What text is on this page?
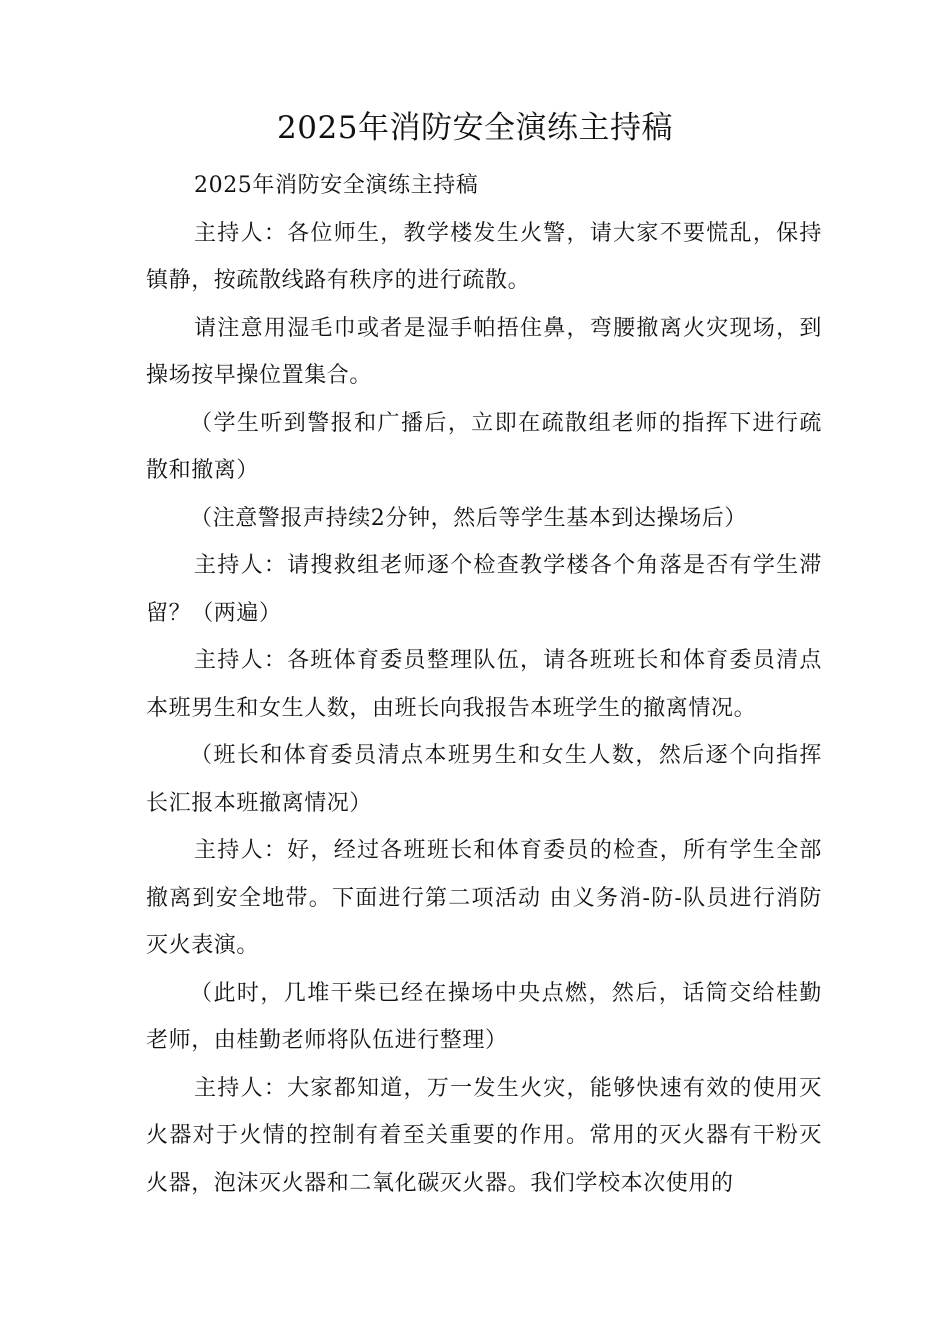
2025年消防安全演练主持稿

2025年消防安全演练主持稿

主持人：各位师生，教学楼发生火警，请大家不要慌乱，保持镇静，按疏散线路有秩序的进行疏散。

请注意用湿毛巾或者是湿手帕捂住鼻，弯腰撤离火灾现场，到操场按早操位置集合。

（学生听到警报和广播后，立即在疏散组老师的指挥下进行疏散和撤离）

（注意警报声持续2分钟，然后等学生基本到达操场后）

主持人：请搜救组老师逐个检查教学楼各个角落是否有学生滞留？（两遍）

主持人：各班体育委员整理队伍，请各班班长和体育委员清点本班男生和女生人数，由班长向我报告本班学生的撤离情况。

（班长和体育委员清点本班男生和女生人数，然后逐个向指挥长汇报本班撤离情况）

主持人：好，经过各班班长和体育委员的检查，所有学生全部撤离到安全地带。下面进行第二项活动 由义务消-防-队员进行消防灭火表演。

（此时，几堆干柴已经在操场中央点燃，然后，话筒交给桂勤老师，由桂勤老师将队伍进行整理）

主持人：大家都知道，万一发生火灾，能够快速有效的使用灭火器对于火情的控制有着至关重要的作用。常用的灭火器有干粉灭火器，泡沫灭火器和二氧化碳灭火器。我们学校本次使用的
